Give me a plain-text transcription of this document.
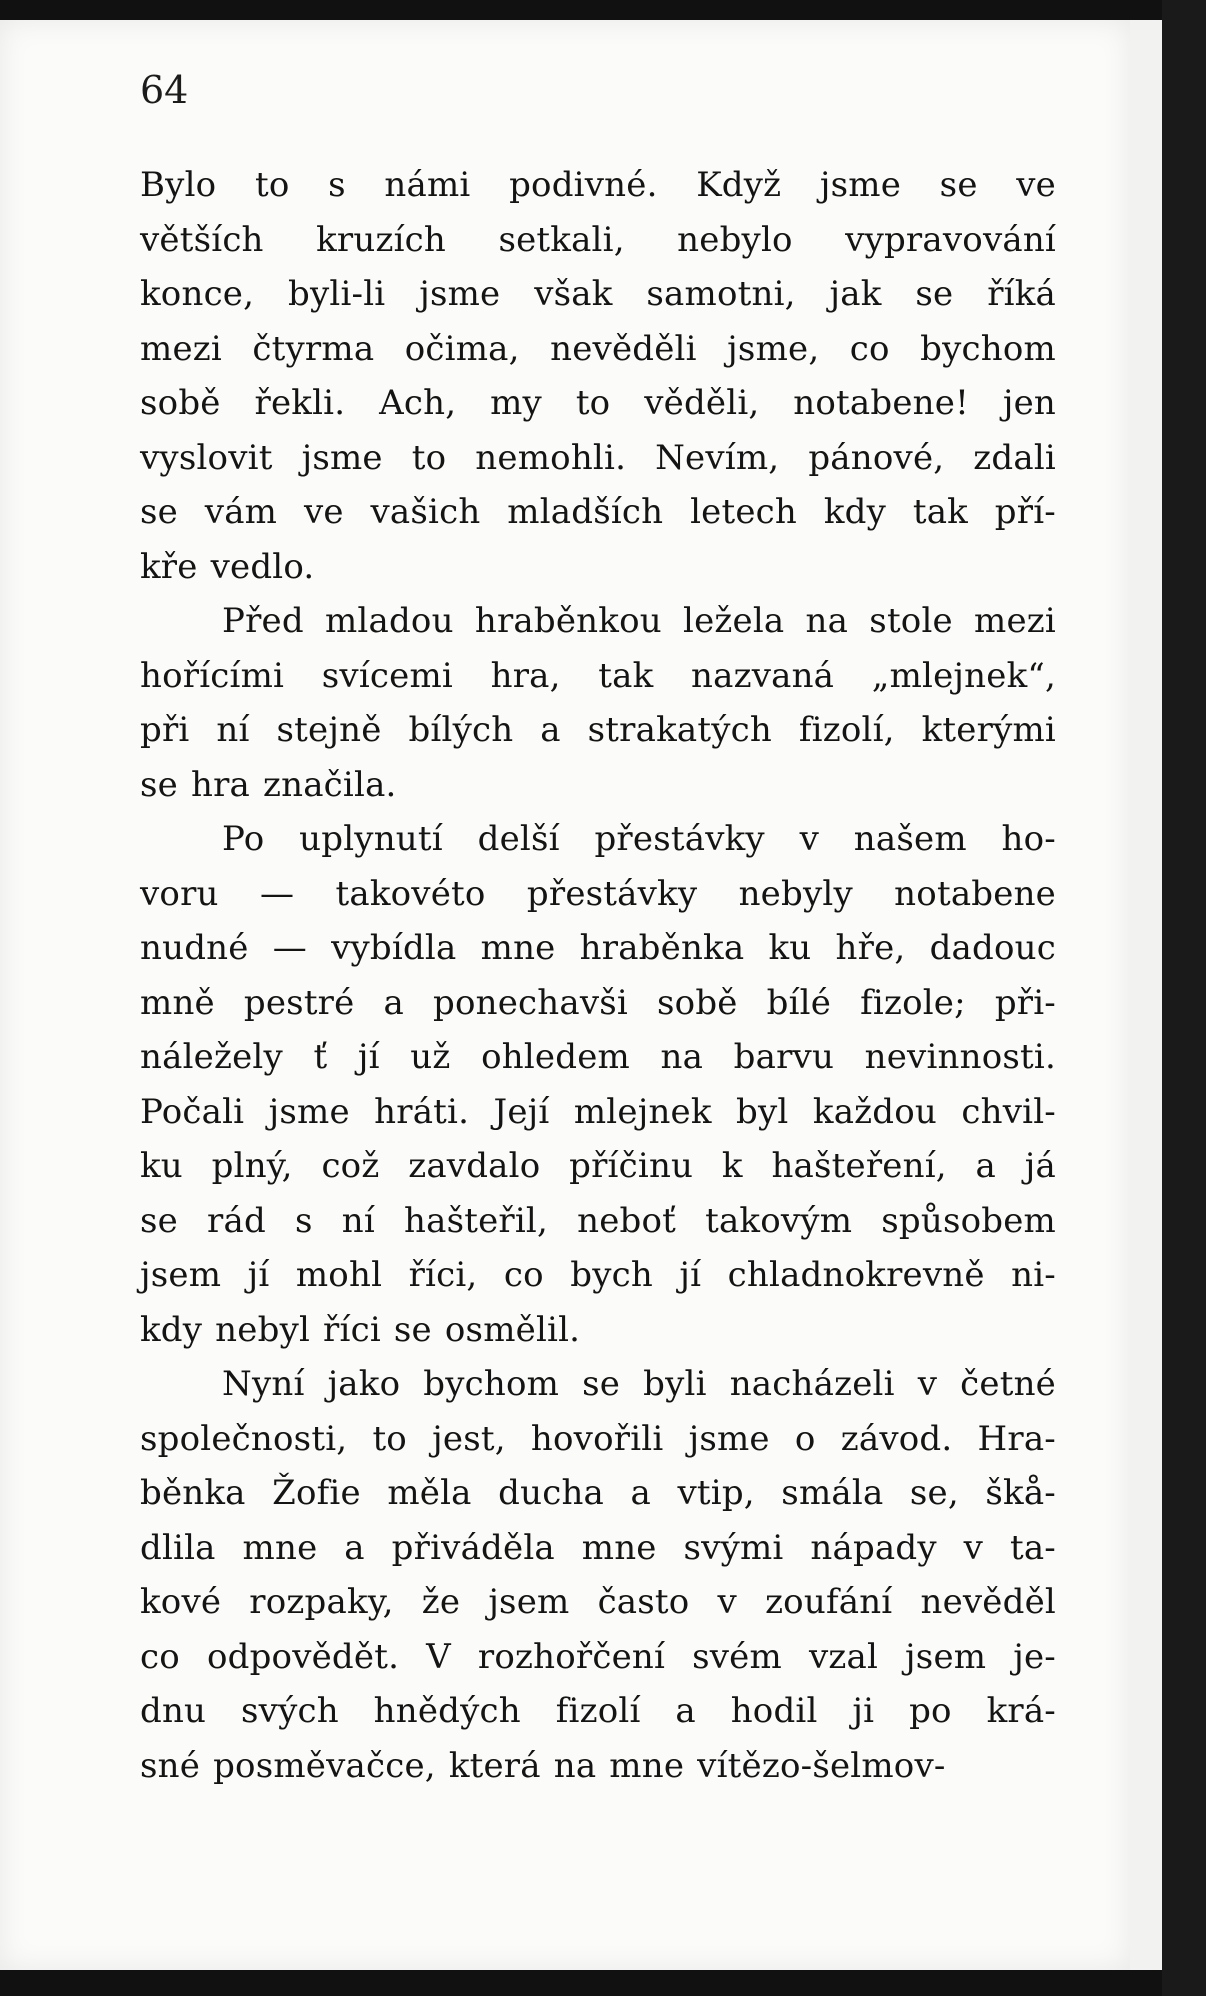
64

Bylo to s námi podivné. Když jsme se ve
větších kruzích setkali, nebylo vypravování
konce, byli-li jsme však samotni, jak se říká
mezi čtyrma očima, nevěděli jsme, co bychom
sobě řekli. Ach, my to věděli, notabene! jen
vyslovit jsme to nemohli. Nevím, pánové, zdali
se vám ve vašich mladších letech kdy tak pří-
kře vedlo.
Před mladou hraběnkou ležela na stole mezi
hořícími svícemi hra, tak nazvaná „mlejnek“,
při ní stejně bílých a strakatých fizolí, kterými
se hra značila.
Po uplynutí delší přestávky v našem ho-
voru — takovéto přestávky nebyly notabene
nudné — vybídla mne hraběnka ku hře, dadouc
mně pestré a ponechavši sobě bílé fizole; při-
náležely ť jí už ohledem na barvu nevinnosti.
Počali jsme hráti. Její mlejnek byl každou chvil-
ku plný, což zavdalo příčinu k hašteření, a já
se rád s ní hašteřil, neboť takovým spůsobem
jsem jí mohl říci, co bych jí chladnokrevně ni-
kdy nebyl říci se osmělil.
Nyní jako bychom se byli nacházeli v četné
společnosti, to jest, hovořili jsme o závod. Hra-
běnka Žofie měla ducha a vtip, smála se, škå-
dlila mne a přiváděla mne svými nápady v ta-
kové rozpaky, že jsem často v zoufání nevěděl
co odpovědět. V rozhořčení svém vzal jsem je-
dnu svých hnědých fizolí a hodil ji po krá-
sné posměvačce, která na mne vítězo-šelmov-
